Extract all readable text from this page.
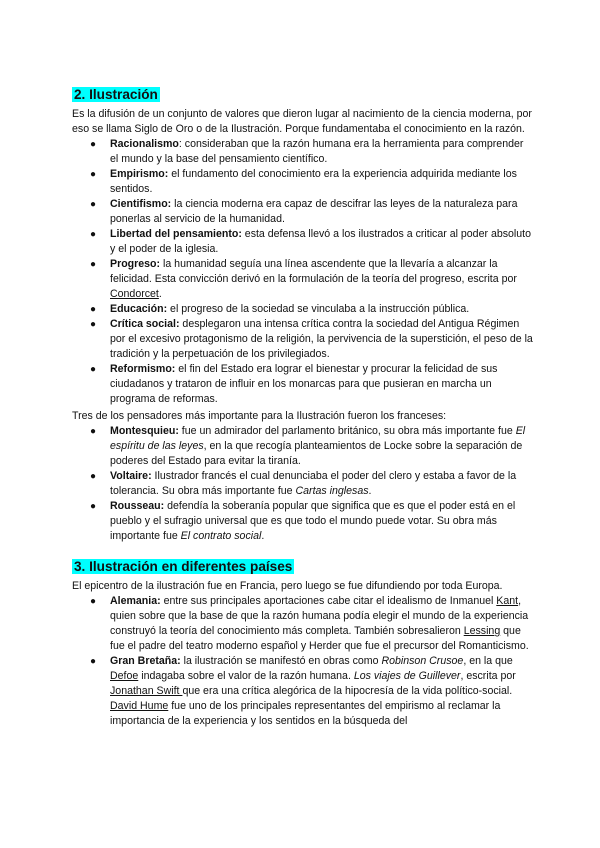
2. Ilustración

Es la difusión de un conjunto de valores que dieron lugar al nacimiento de la ciencia moderna, por eso se llama Siglo de Oro o de la Ilustración. Porque fundamentaba el conocimiento en la razón.

● Racionalismo: consideraban que la razón humana era la herramienta para comprender el mundo y la base del pensamiento científico.
● Empirismo: el fundamento del conocimiento era la experiencia adquirida mediante los sentidos.
● Cientifismo: la ciencia moderna era capaz de descifrar las leyes de la naturaleza para ponerlas al servicio de la humanidad.
● Libertad del pensamiento: esta defensa llevó a los ilustrados a criticar al poder absoluto y el poder de la iglesia.
● Progreso: la humanidad seguía una línea ascendente que la llevaría a alcanzar la felicidad. Esta convicción derivó en la formulación de la teoría del progreso, escrita por Condorcet.
● Educación: el progreso de la sociedad se vinculaba a la instrucción pública.
● Crítica social: desplegaron una intensa crítica contra la sociedad del Antigua Régimen por el excesivo protagonismo de la religión, la pervivencia de la superstición, el peso de la tradición y la perpetuación de los privilegiados.
● Reformismo: el fin del Estado era lograr el bienestar y procurar la felicidad de sus ciudadanos y trataron de influir en los monarcas para que pusieran en marcha un programa de reformas.

Tres de los pensadores más importante para la Ilustración fueron los franceses:

● Montesquieu: fue un admirador del parlamento británico, su obra más importante fue El espíritu de las leyes, en la que recogía planteamientos de Locke sobre la separación de poderes del Estado para evitar la tiranía.
● Voltaire: Ilustrador francés el cual denunciaba el poder del clero y estaba a favor de la tolerancia. Su obra más importante fue Cartas inglesas.
● Rousseau: defendía la soberanía popular que significa que es que el poder está en el pueblo y el sufragio universal que es que todo el mundo puede votar. Su obra más importante fue El contrato social.
3. Ilustración en diferentes países

El epicentro de la ilustración fue en Francia, pero luego se fue difundiendo por toda Europa.

● Alemania: entre sus principales aportaciones cabe citar el idealismo de Inmanuel Kant, quien sobre que la base de que la razón humana podía elegir el mundo de la experiencia construyó la teoría del conocimiento más completa. También sobresalieron Lessing que fue el padre del teatro moderno español y Herder que fue el precursor del Romanticismo.
● Gran Bretaña: la ilustración se manifestó en obras como Robinson Crusoe, en la que Defoe indagaba sobre el valor de la razón humana. Los viajes de Guillever, escrita por Jonathan Swift que era una crítica alegórica de la hipocresía de la vida político-social. David Hume fue uno de los principales representantes del empirismo al reclamar la importancia de la experiencia y los sentidos en la búsqueda del
